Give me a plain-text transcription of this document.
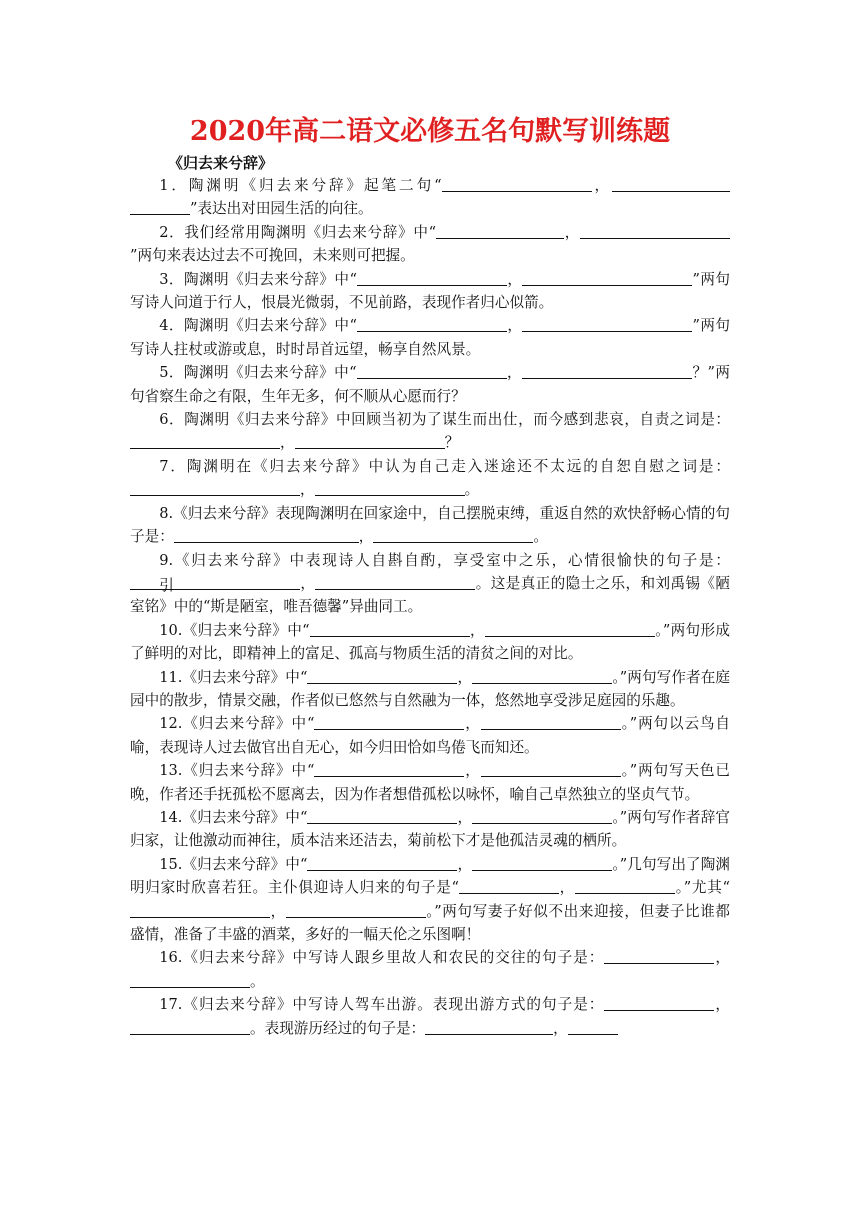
2020年高二语文必修五名句默写训练题
《归去来兮辞》

1．陶渊明《归去来兮辞》起笔二句“	，”表达出对田园生活的向往。

2．我们经常用陶渊明《归去来兮辞》中“	，”两句来表达过去不可挽回，未来则可把握。

3．陶渊明《归去来兮辞》中“	，	”两句写诗人问道于行人，恨晨光微弱，不见前路，表现作者归心似箭。

4．陶渊明《归去来兮辞》中“	，	”两句写诗人拄杖或游或息，时时昂首远望，畅享自然风景。

5．陶渊明《归去来兮辞》中“	，	？”两句省察生命之有限，生年无多，何不顺从心愿而行？

6．陶渊明《归去来兮辞》中回顾当初为了谋生而出仕，而今感到悲哀，自责之词是：，	？

7．陶渊明在《归去来兮辞》中认为自己走入迷途还不太远的自恕自慰之词是：，	。

8.《归去来兮辞》表现陶渊明在回家途中，自己摆脱束缚，重返自然的欢快舒畅心情的句子是：	，	。

9.《归去来兮辞》中表现诗人自斟自酌，享受室中之乐，心情很愉快的句子是：引	，	。这是真正的隐士之乐，和刘禹锡《陋室铭》中的“斯是陋室，唯吾德馨”异曲同工。

10.《归去来兮辞》中“	，	。”两句形成了鲜明的对比，即精神上的富足、孤高与物质生活的清贫之间的对比。

11.《归去来兮辞》中“	，	。”两句写作者在庭园中的散步，情景交融，作者似已悠然与自然融为一体，悠然地享受涉足庭园的乐趣。

12.《归去来兮辞》中“	，	。”两句以云鸟自喻，表现诗人过去做官出自无心，如今归田恰如鸟倦飞而知还。

13.《归去来兮辞》中“	，	。”两句写天色已晚，作者还手抚孤松不愿离去，因为作者想借孤松以咏怀，喻自己卓然独立的坚贞气节。

14.《归去来兮辞》中“	，	。”两句写作者辞官归家，让他激动而神往，质本洁来还洁去，菊前松下才是他孤洁灵魂的栖所。

15.《归去来兮辞》中“	，	。”几句写出了陶渊明归家时欣喜若狂。主仆俱迎诗人归来的句子是“	，	。”尤其“，	。”两句写妻子好似不出来迎接，但妻子比谁都盛情，准备了丰盛的酒菜，多好的一幅天伦之乐图啊！

16.《归去来兮辞》中写诗人跟乡里故人和农民的交往的句子是：	，。

17.《归去来兮辞》中写诗人驾车出游。表现出游方式的句子是：	，。表现游历经过的句子是：	，
